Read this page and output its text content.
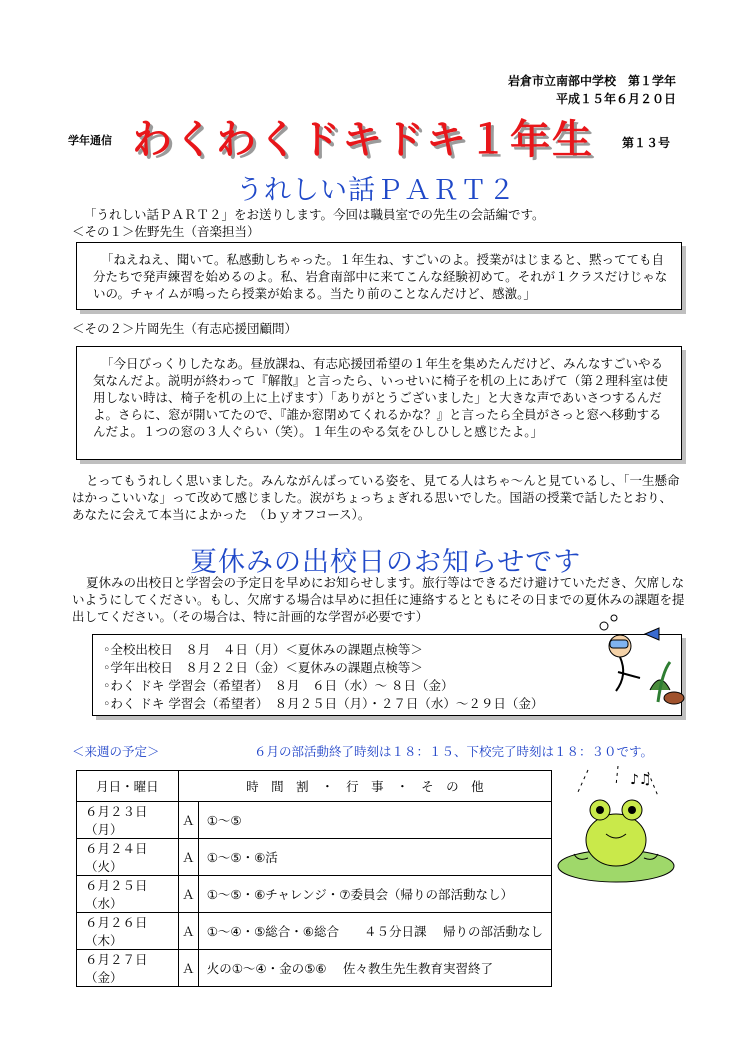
岩倉市立南部中学校　第１学年
平成１５年６月２０日
学年通信 わくわくドキドキ１年生 第１３号
うれしい話ＰＡＲＴ２
「うれしい話ＰＡＲＴ２」をお送りします。今回は職員室での先生の会話編です。
＜その１＞佐野先生（音楽担当）
「ねえねえ、聞いて。私感動しちゃった。１年生ね、すごいのよ。授業がはじまると、黙ってても自分たちで発声練習を始めるのよ。私、岩倉南部中に来てこんな経験初めて。それが１クラスだけじゃないの。チャイムが鳴ったら授業が始まる。当たり前のことなんだけど、感激。」
＜その２＞片岡先生（有志応援団顧問）
「今日びっくりしたなあ。昼放課ね、有志応援団希望の１年生を集めたんだけど、みんなすごいやる気なんだよ。説明が終わって『解散』と言ったら、いっせいに椅子を机の上にあげて（第２理科室は使用しない時は、椅子を机の上に上げます）「ありがとうございました」と大きな声であいさつするんだよ。さらに、窓が開いてたので、『誰か窓閉めてくれるかな？』と言ったら全員がさっと窓へ移動するんだよ。１つの窓の３人ぐらい（笑）。１年生のやる気をひしひしと感じたよ。」
とってもうれしく思いました。みんながんばっている姿を、見てる人はちゃ〜んと見ているし、「一生懸命はかっこいいな」って改めて感じました。涙がちょっちょぎれる思いでした。国語の授業で話したとおり、　あなたに会えて本当によかった　（ｂｙオフコース）。
夏休みの出校日のお知らせです
夏休みの出校日と学習会の予定日を早めにお知らせします。旅行等はできるだけ避けていただき、欠席しないようにしてください。もし、欠席する場合は早めに担任に連絡するとともにその日までの夏休みの課題を提出してください。（その場合は、特に計画的な学習が必要です）
◦全校出校日　８月　４日（月）＜夏休みの課題点検等＞
◦学年出校日　８月２２日（金）＜夏休みの課題点検等＞
◦わく ドキ 学習会（希望者）　８月　６日（水）〜 ８日（金）
◦わく ドキ 学習会（希望者）　８月２５日（月）・２７日（水）〜２９日（金）
＜来週の予定＞	６月の部活動終了時刻は１８：１５、下校完了時刻は１８：３０です。
月日・曜日	時　間　割　・　行　事　・　そ　の　他	
６月２３日（月）	Ａ	①〜⑤
６月２４日（火）	Ａ	①〜⑤・⑥活
６月２５日（水）	Ａ	①〜⑤・⑥チャレンジ・⑦委員会（帰りの部活動なし）
６月２６日（木）	Ａ	①〜④・⑤総合・⑥総合　　４５分日課　 帰りの部活動なし
６月２７日（金）	Ａ	火の①〜④・金の⑤⑥　 佐々教生先生教育実習終了
♪♫
